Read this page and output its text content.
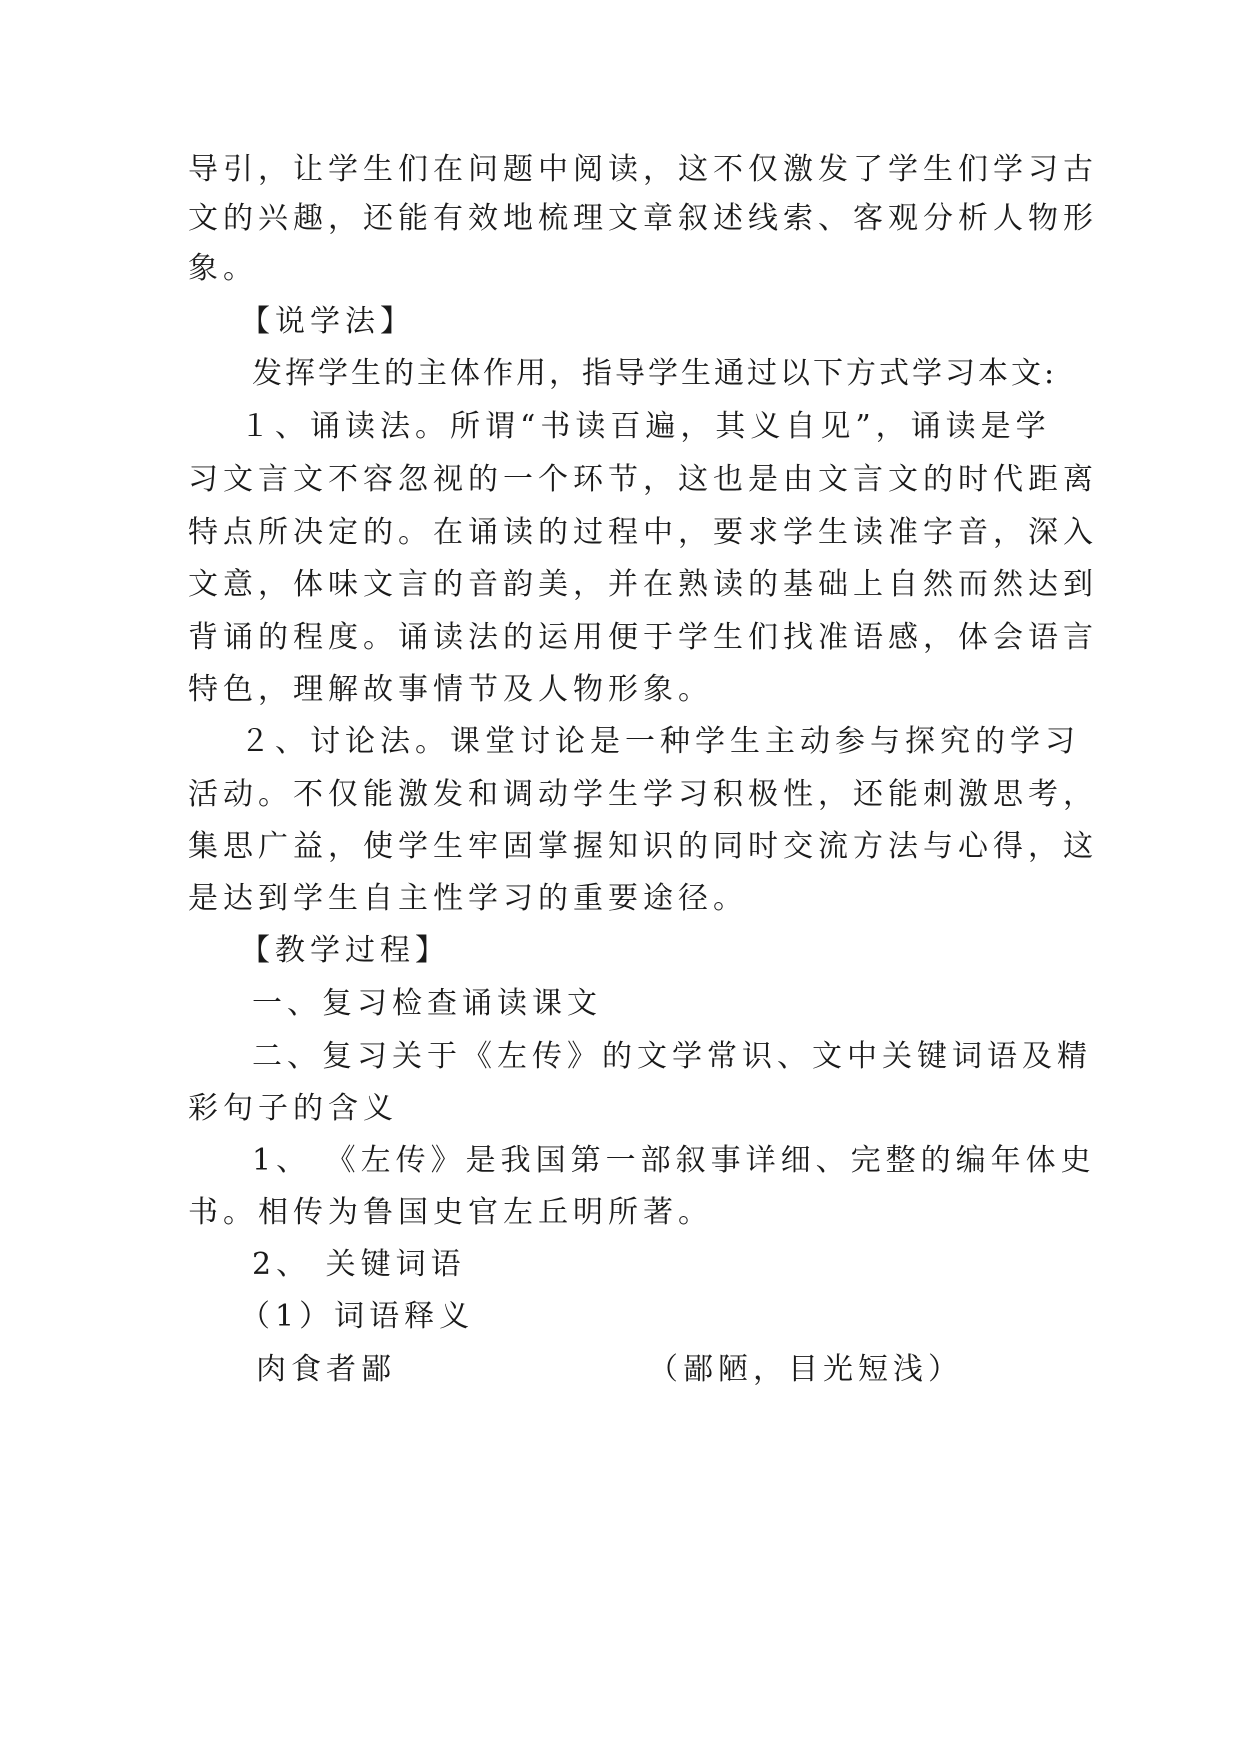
导引，让学生们在问题中阅读，这不仅激发了学生们学习古
文的兴趣，还能有效地梳理文章叙述线索、客观分析人物形
象。
【说学法】
发挥学生的主体作用，指导学生通过以下方式学习本文:
１、诵读法。所谓“书读百遍，其义自见”，诵读是学
习文言文不容忽视的一个环节，这也是由文言文的时代距离
特点所决定的。在诵读的过程中，要求学生读准字音，深入
文意，体味文言的音韵美，并在熟读的基础上自然而然达到
背诵的程度。诵读法的运用便于学生们找准语感，体会语言
特色，理解故事情节及人物形象。
２、讨论法。课堂讨论是一种学生主动参与探究的学习
活动。不仅能激发和调动学生学习积极性，还能刺激思考，
集思广益，使学生牢固掌握知识的同时交流方法与心得，这
是达到学生自主性学习的重要途径。
【教学过程】
一、复习检查诵读课文
二、复习关于《左传》的文学常识、文中关键词语及精
彩句子的含义
1、 《左传》是我国第一部叙事详细、完整的编年体史
书。相传为鲁国史官左丘明所著。
2、 关键词语
（1）词语释义
肉食者鄙	（鄙陋，目光短浅）
